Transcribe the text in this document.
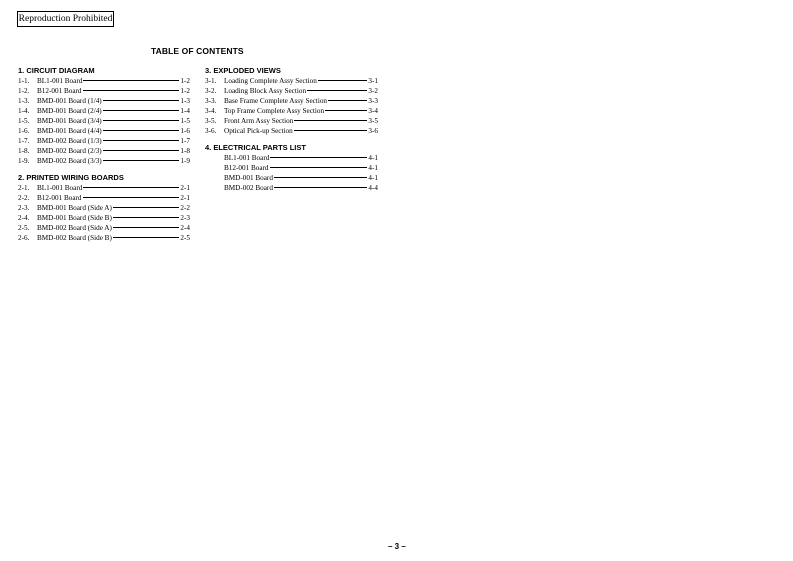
Reproduction Prohibited
TABLE OF CONTENTS
1. CIRCUIT DIAGRAM
1-1.	BL1-001 Board	1-2
1-2.	B12-001 Board	1-2
1-3.	BMD-001 Board (1/4)	1-3
1-4.	BMD-001 Board (2/4)	1-4
1-5.	BMD-001 Board (3/4)	1-5
1-6.	BMD-001 Board (4/4)	1-6
1-7.	BMD-002 Board (1/3)	1-7
1-8.	BMD-002 Board (2/3)	1-8
1-9.	BMD-002 Board (3/3)	1-9
2. PRINTED WIRING BOARDS
2-1.	BL1-001 Board	2-1
2-2.	B12-001 Board	2-1
2-3.	BMD-001 Board (Side A)	2-2
2-4.	BMD-001 Board (Side B)	2-3
2-5.	BMD-002 Board (Side A)	2-4
2-6.	BMD-002 Board (Side B)	2-5
3. EXPLODED VIEWS
3-1.	Loading Complete Assy Section	3-1
3-2.	Loading Block Assy Section	3-2
3-3.	Base Frame Complete Assy Section	3-3
3-4.	Top Frame Complete Assy Section	3-4
3-5.	Front Arm Assy Section	3-5
3-6.	Optical Pick-up Section	3-6
4. ELECTRICAL PARTS LIST
BL1-001 Board	4-1
B12-001 Board	4-1
BMD-001 Board	4-1
BMD-002 Board	4-4
– 3 –
